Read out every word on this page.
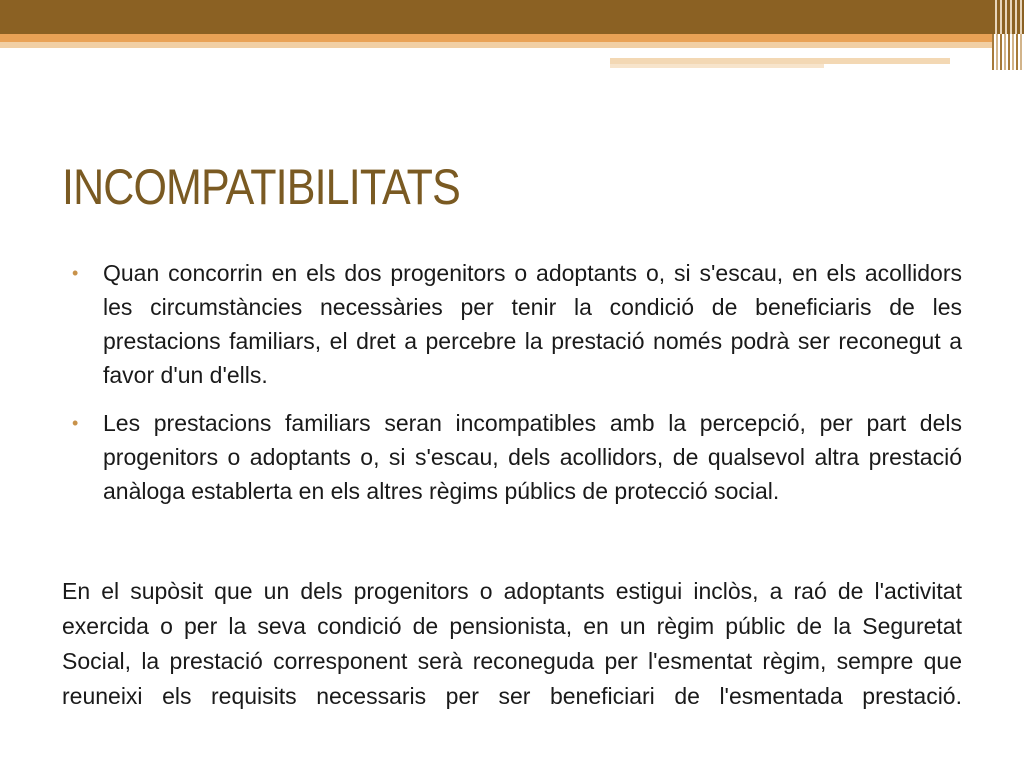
INCOMPATIBILITATS
• Quan concorrin en els dos progenitors o adoptants o, si s'escau, en els acollidors les circumstàncies necessàries per tenir la condició de beneficiaris de les prestacions familiars, el dret a percebre la prestació només podrà ser reconegut a favor d'un d'ells.
• Les prestacions familiars seran incompatibles amb la percepció, per part dels progenitors o adoptants o, si s'escau, dels acollidors, de qualsevol altra prestació anàloga establerta en els altres règims públics de protecció social.

En el supòsit que un dels progenitors o adoptants estigui inclòs, a raó de l'activitat exercida o per la seva condició de pensionista, en un règim públic de la Seguretat Social, la prestació corresponent serà reconeguda per l'esmentat règim, sempre que reuneixi els requisits necessaris per ser beneficiari de l'esmentada prestació.
